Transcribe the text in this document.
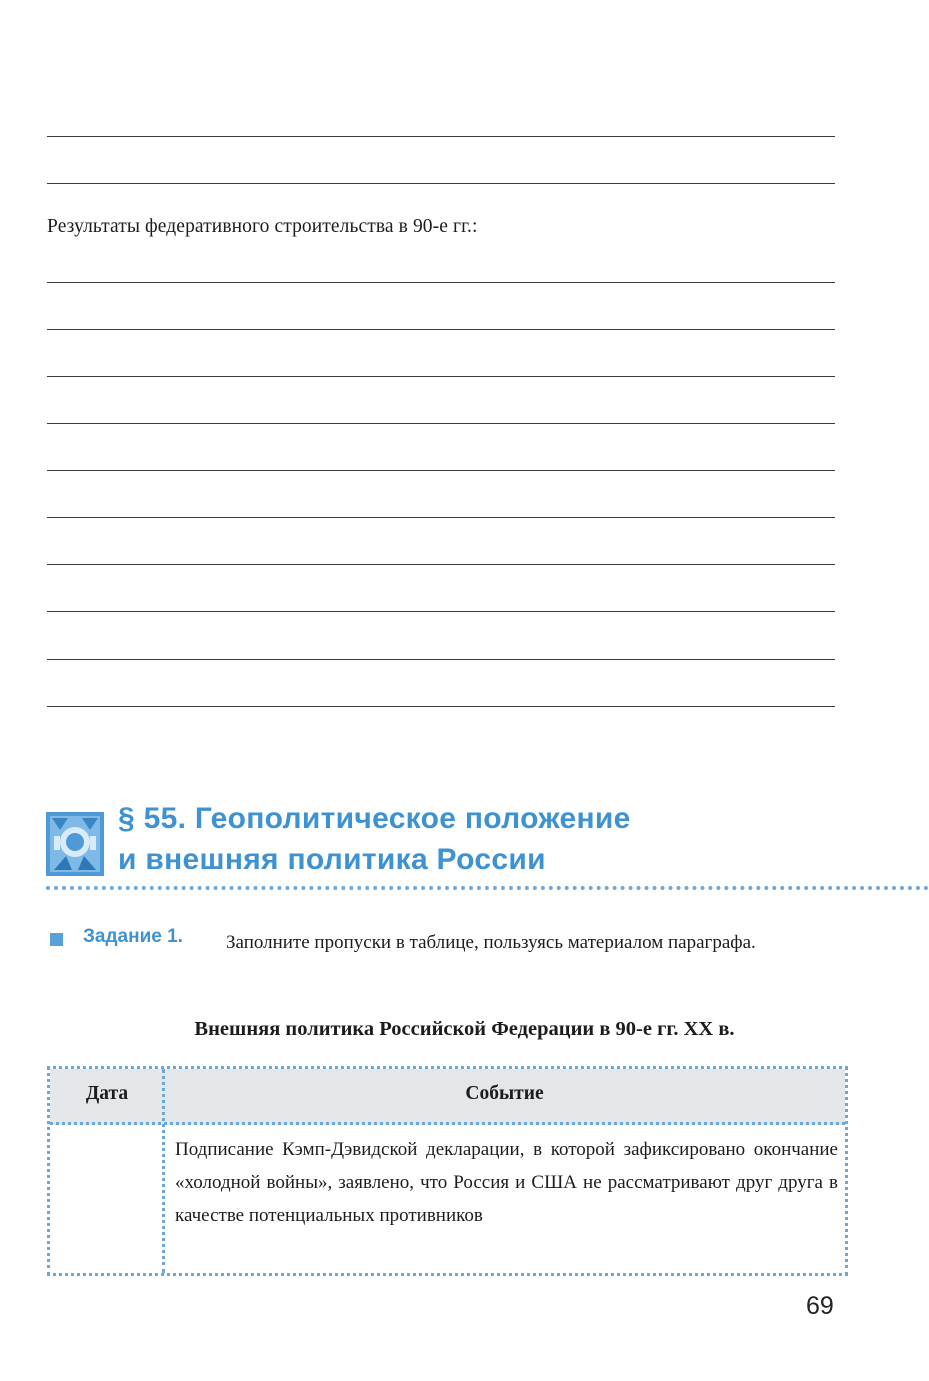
Результаты федеративного строительства в 90-е гг.:
§ 55. Геополитическое положение
и внешняя политика России
Задание 1. Заполните пропуски в таблице, пользуясь материалом параграфа.
Внешняя политика Российской Федерации в 90-е гг. XX в.
Дата	Событие
Подписание Кэмп-Дэвидской декларации, в которой зафиксировано окончание «холодной войны», заявлено, что Россия и США не рассматривают друг друга в качестве потенциальных противников
69
